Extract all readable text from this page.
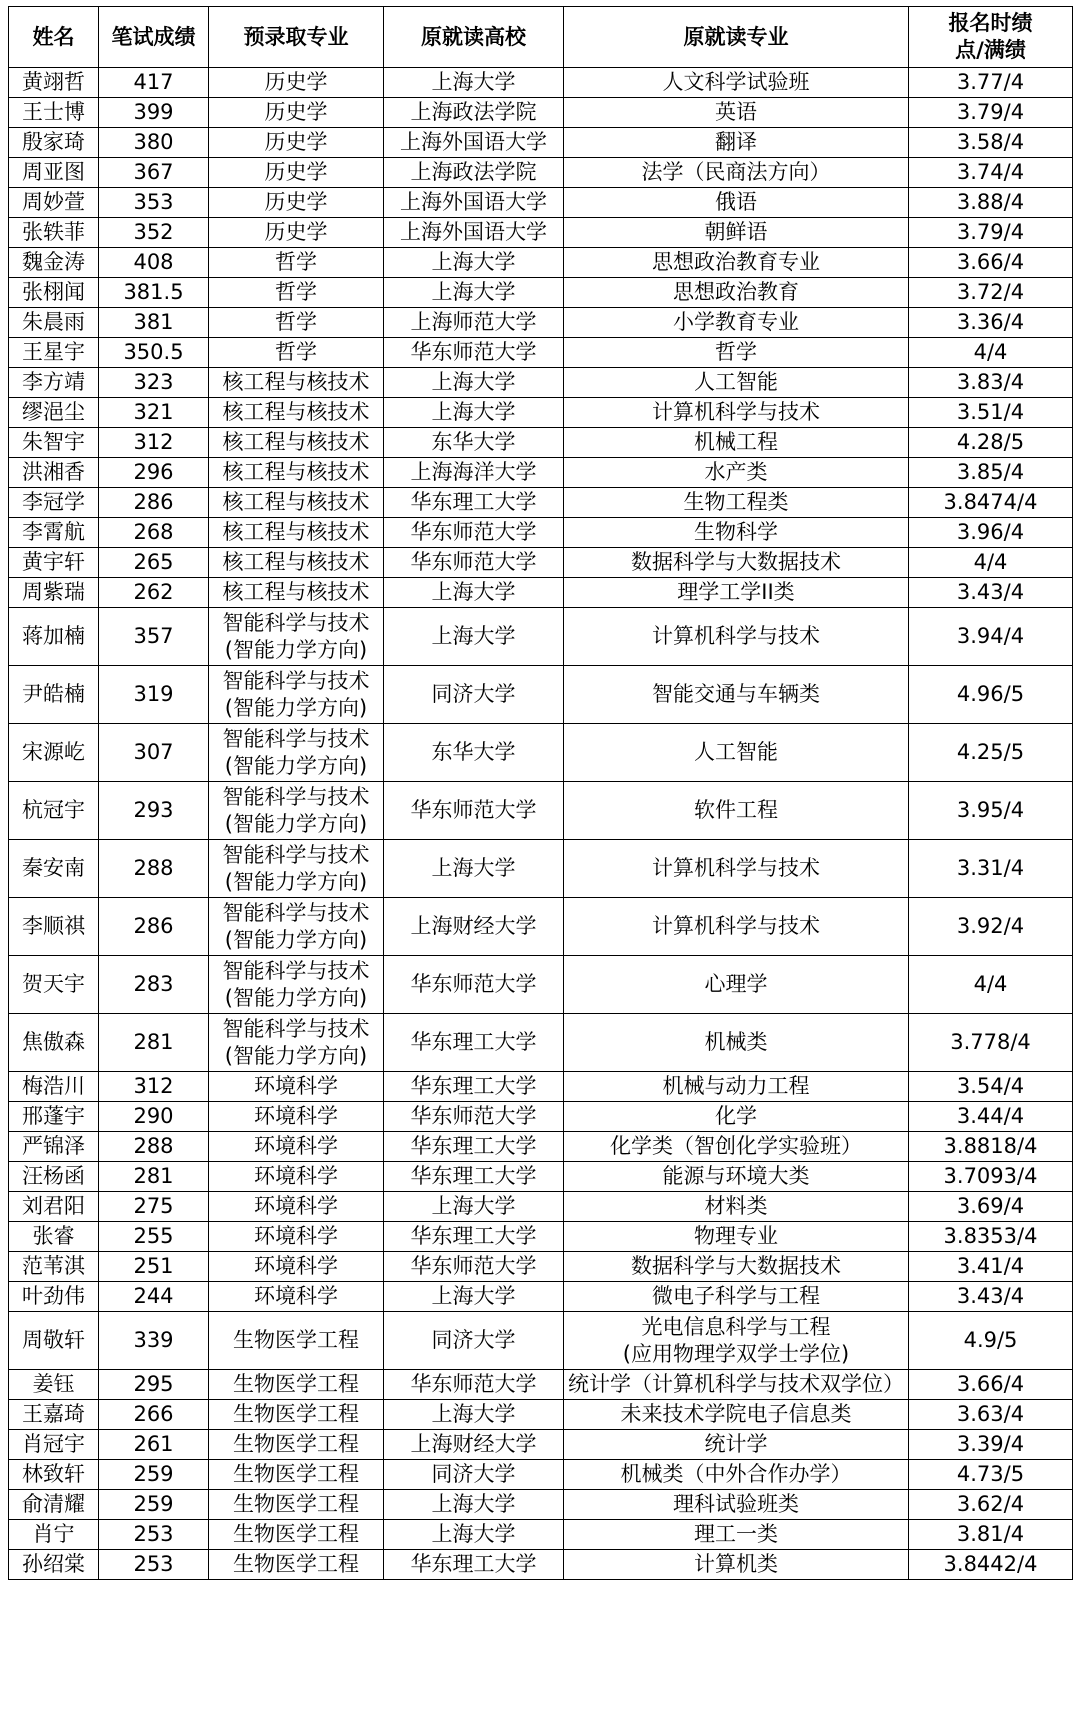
姓名	笔试成绩	预录取专业	原就读高校	原就读专业	报名时绩
点/满绩
黄翊哲	417	历史学	上海大学	人文科学试验班	3.77/4
王士博	399	历史学	上海政法学院	英语	3.79/4
殷家琦	380	历史学	上海外国语大学	翻译	3.58/4
周亚图	367	历史学	上海政法学院	法学（民商法方向）	3.74/4
周妙萱	353	历史学	上海外国语大学	俄语	3.88/4
张轶菲	352	历史学	上海外国语大学	朝鲜语	3.79/4
魏金涛	408	哲学	上海大学	思想政治教育专业	3.66/4
张栩闻	381.5	哲学	上海大学	思想政治教育	3.72/4
朱晨雨	381	哲学	上海师范大学	小学教育专业	3.36/4
王星宇	350.5	哲学	华东师范大学	哲学	4/4
李方靖	323	核工程与核技术	上海大学	人工智能	3.83/4
缪浥尘	321	核工程与核技术	上海大学	计算机科学与技术	3.51/4
朱智宇	312	核工程与核技术	东华大学	机械工程	4.28/5
洪湘香	296	核工程与核技术	上海海洋大学	水产类	3.85/4
李冠学	286	核工程与核技术	华东理工大学	生物工程类	3.8474/4
李霄航	268	核工程与核技术	华东师范大学	生物科学	3.96/4
黄宇轩	265	核工程与核技术	华东师范大学	数据科学与大数据技术	4/4
周紫瑞	262	核工程与核技术	上海大学	理学工学II类	3.43/4
蒋加楠	357	智能科学与技术
(智能力学方向)	上海大学	计算机科学与技术	3.94/4
尹皓楠	319	智能科学与技术
(智能力学方向)	同济大学	智能交通与车辆类	4.96/5
宋源屹	307	智能科学与技术
(智能力学方向)	东华大学	人工智能	4.25/5
杭冠宇	293	智能科学与技术
(智能力学方向)	华东师范大学	软件工程	3.95/4
秦安南	288	智能科学与技术
(智能力学方向)	上海大学	计算机科学与技术	3.31/4
李顺祺	286	智能科学与技术
(智能力学方向)	上海财经大学	计算机科学与技术	3.92/4
贺天宇	283	智能科学与技术
(智能力学方向)	华东师范大学	心理学	4/4
焦傲森	281	智能科学与技术
(智能力学方向)	华东理工大学	机械类	3.778/4
梅浩川	312	环境科学	华东理工大学	机械与动力工程	3.54/4
邢蓬宇	290	环境科学	华东师范大学	化学	3.44/4
严锦泽	288	环境科学	华东理工大学	化学类（智创化学实验班）	3.8818/4
汪杨函	281	环境科学	华东理工大学	能源与环境大类	3.7093/4
刘君阳	275	环境科学	上海大学	材料类	3.69/4
张睿	255	环境科学	华东理工大学	物理专业	3.8353/4
范苇淇	251	环境科学	华东师范大学	数据科学与大数据技术	3.41/4
叶劲伟	244	环境科学	上海大学	微电子科学与工程	3.43/4
周敬轩	339	生物医学工程	同济大学	光电信息科学与工程
(应用物理学双学士学位)	4.9/5
姜钰	295	生物医学工程	华东师范大学	统计学（计算机科学与技术双学位）	3.66/4
王嘉琦	266	生物医学工程	上海大学	未来技术学院电子信息类	3.63/4
肖冠宇	261	生物医学工程	上海财经大学	统计学	3.39/4
林致轩	259	生物医学工程	同济大学	机械类（中外合作办学）	4.73/5
俞清耀	259	生物医学工程	上海大学	理科试验班类	3.62/4
肖宁	253	生物医学工程	上海大学	理工一类	3.81/4
孙绍棠	253	生物医学工程	华东理工大学	计算机类	3.8442/4
